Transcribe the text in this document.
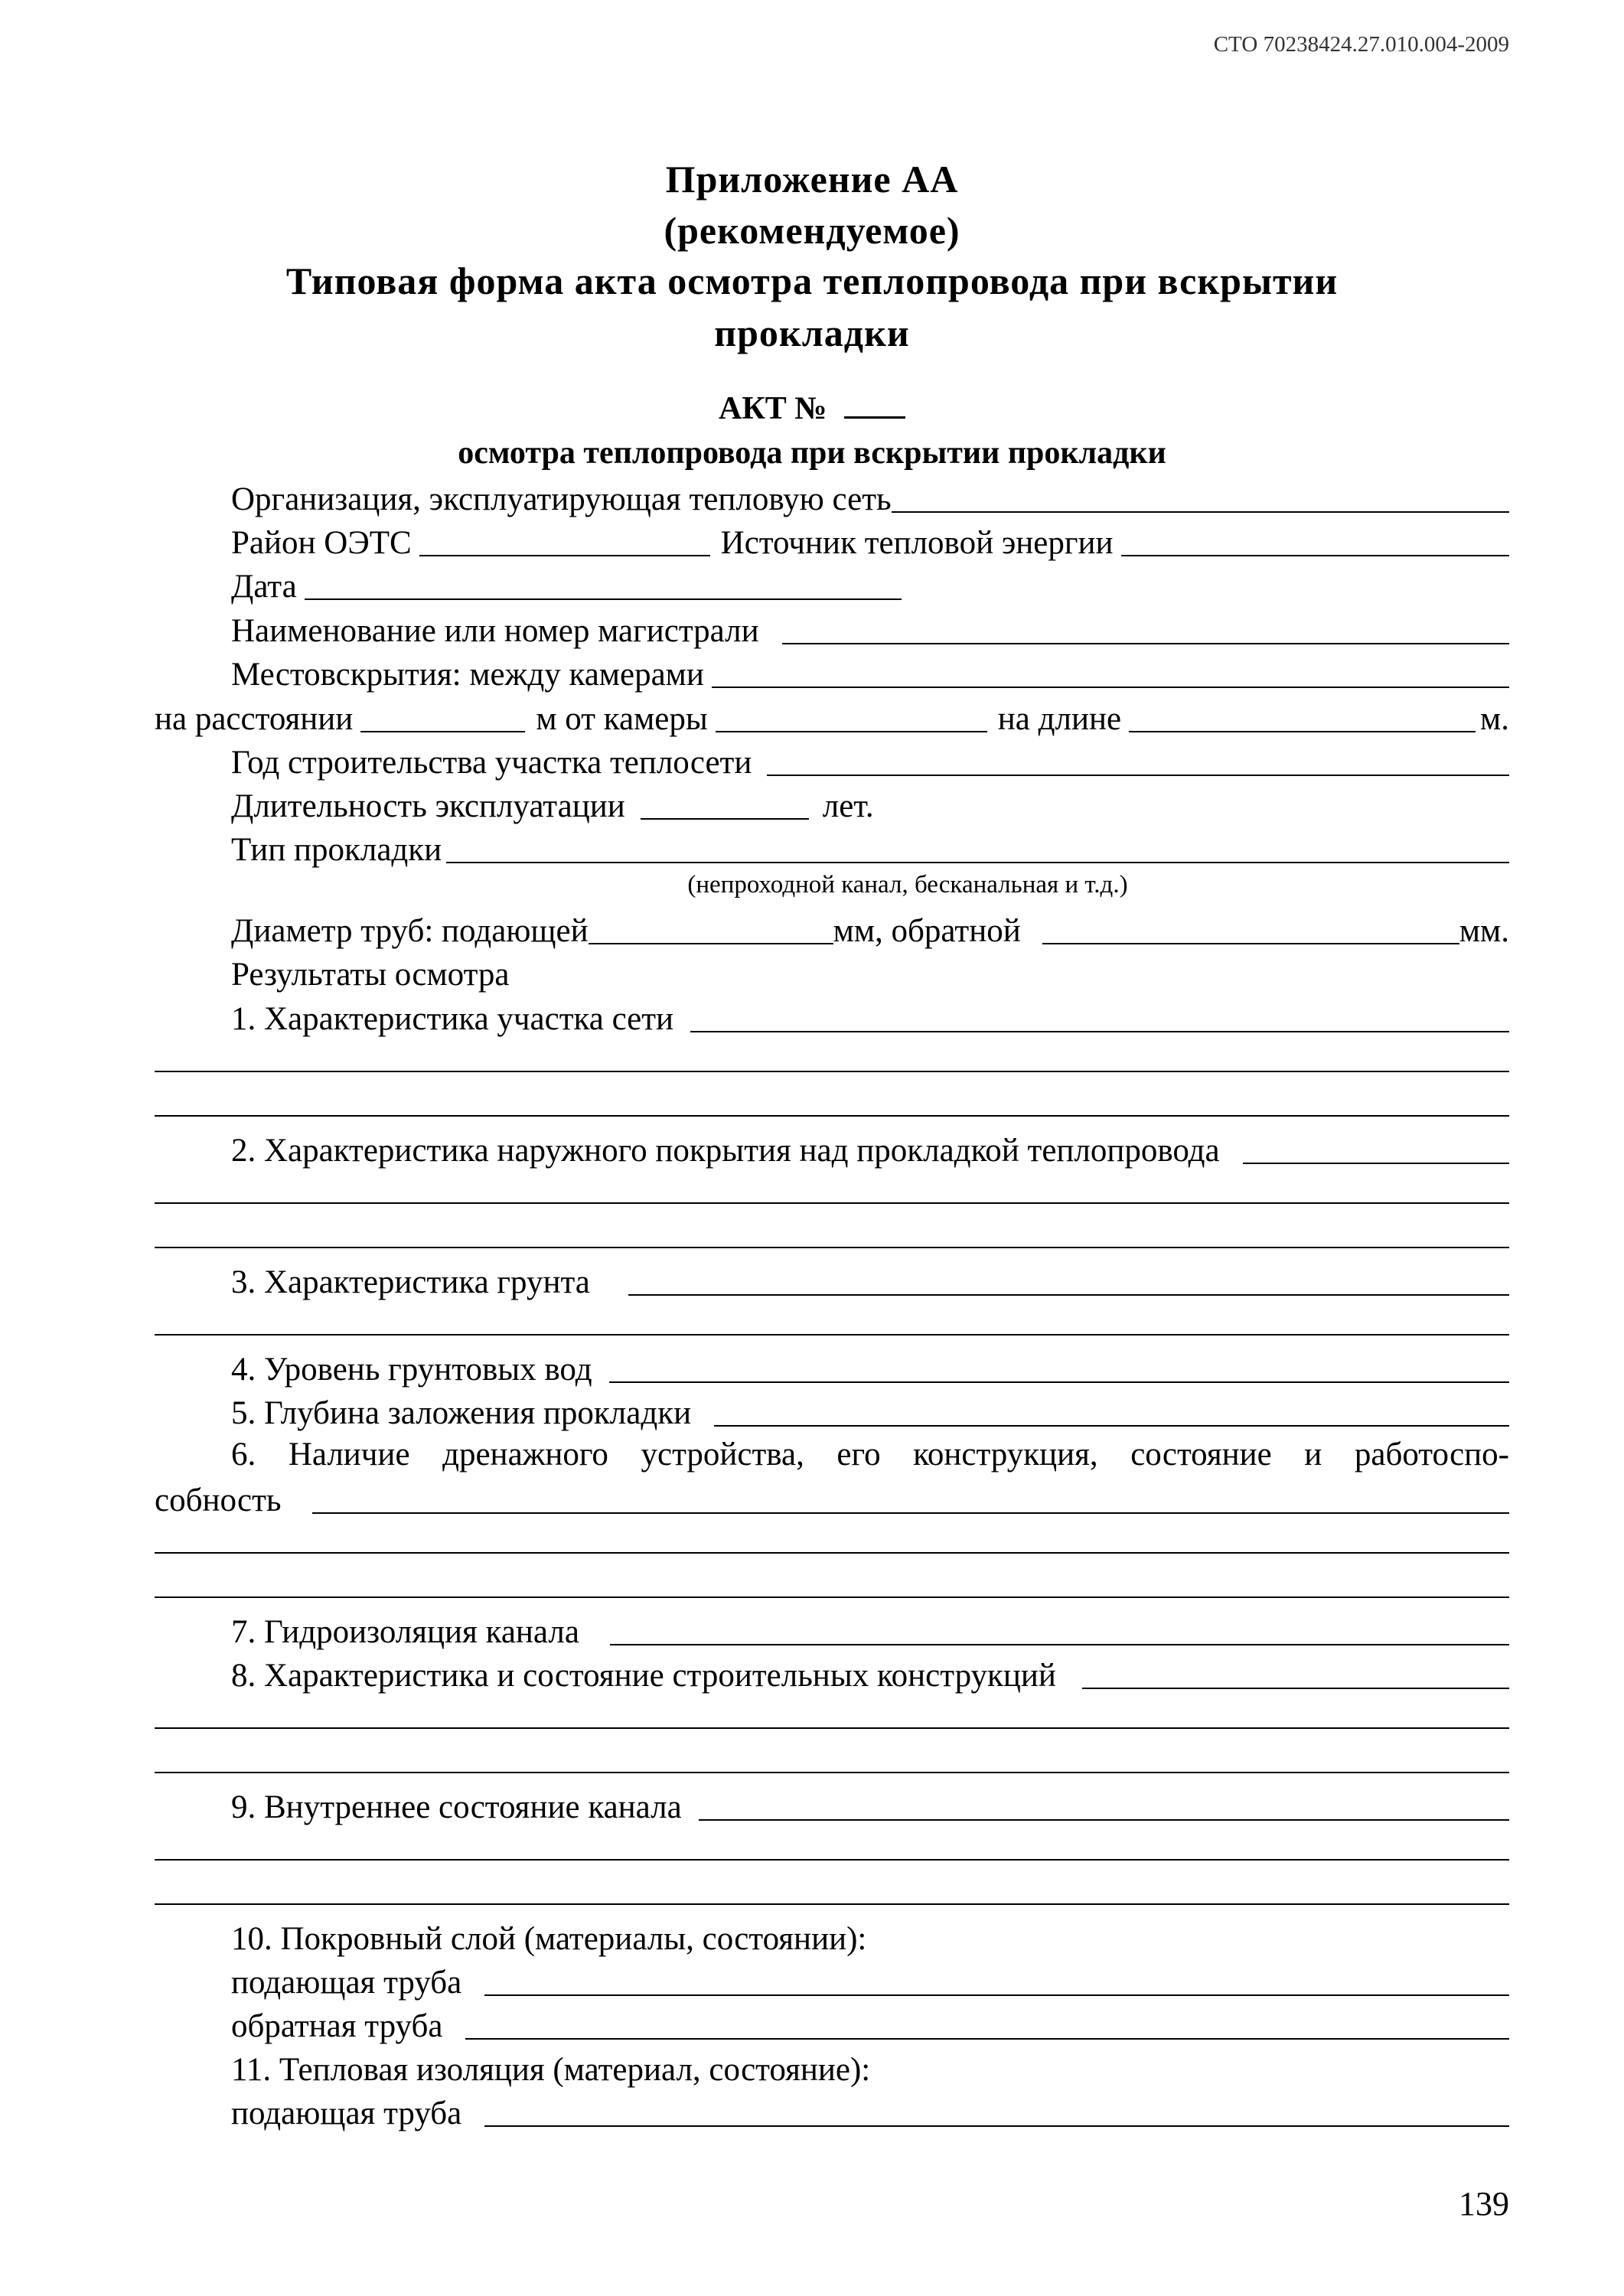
СТО 70238424.27.010.004-2009
Приложение АА
(рекомендуемое)
Типовая форма акта осмотра теплопровода при вскрытии
прокладки
АКТ №
осмотра теплопровода при вскрытии прокладки
Организация, эксплуатирующая тепловую сеть
Район ОЭТС	Источник тепловой энергии
Дата
Наименование или номер магистрали
Местовскрытия: между камерами
на расстоянии	м от камеры	на длине	м.
Год строительства участка теплосети
Длительность эксплуатации	лет.
Тип прокладки
(непроходной канал, бесканальная и т.д.)
Диаметр труб: подающей	мм, обратной	мм.
Результаты осмотра
1. Характеристика участка сети
2. Характеристика наружного покрытия над прокладкой теплопровода
3. Характеристика грунта
4. Уровень грунтовых вод
5. Глубина заложения прокладки
6. Наличие дренажного устройства, его конструкция, состояние и работоспо-
собность
7. Гидроизоляция канала
8. Характеристика и состояние строительных конструкций
9. Внутреннее состояние канала
10. Покровный слой (материалы, состоянии):
подающая труба
обратная труба
11. Тепловая изоляция (материал, состояние):
подающая труба
139
